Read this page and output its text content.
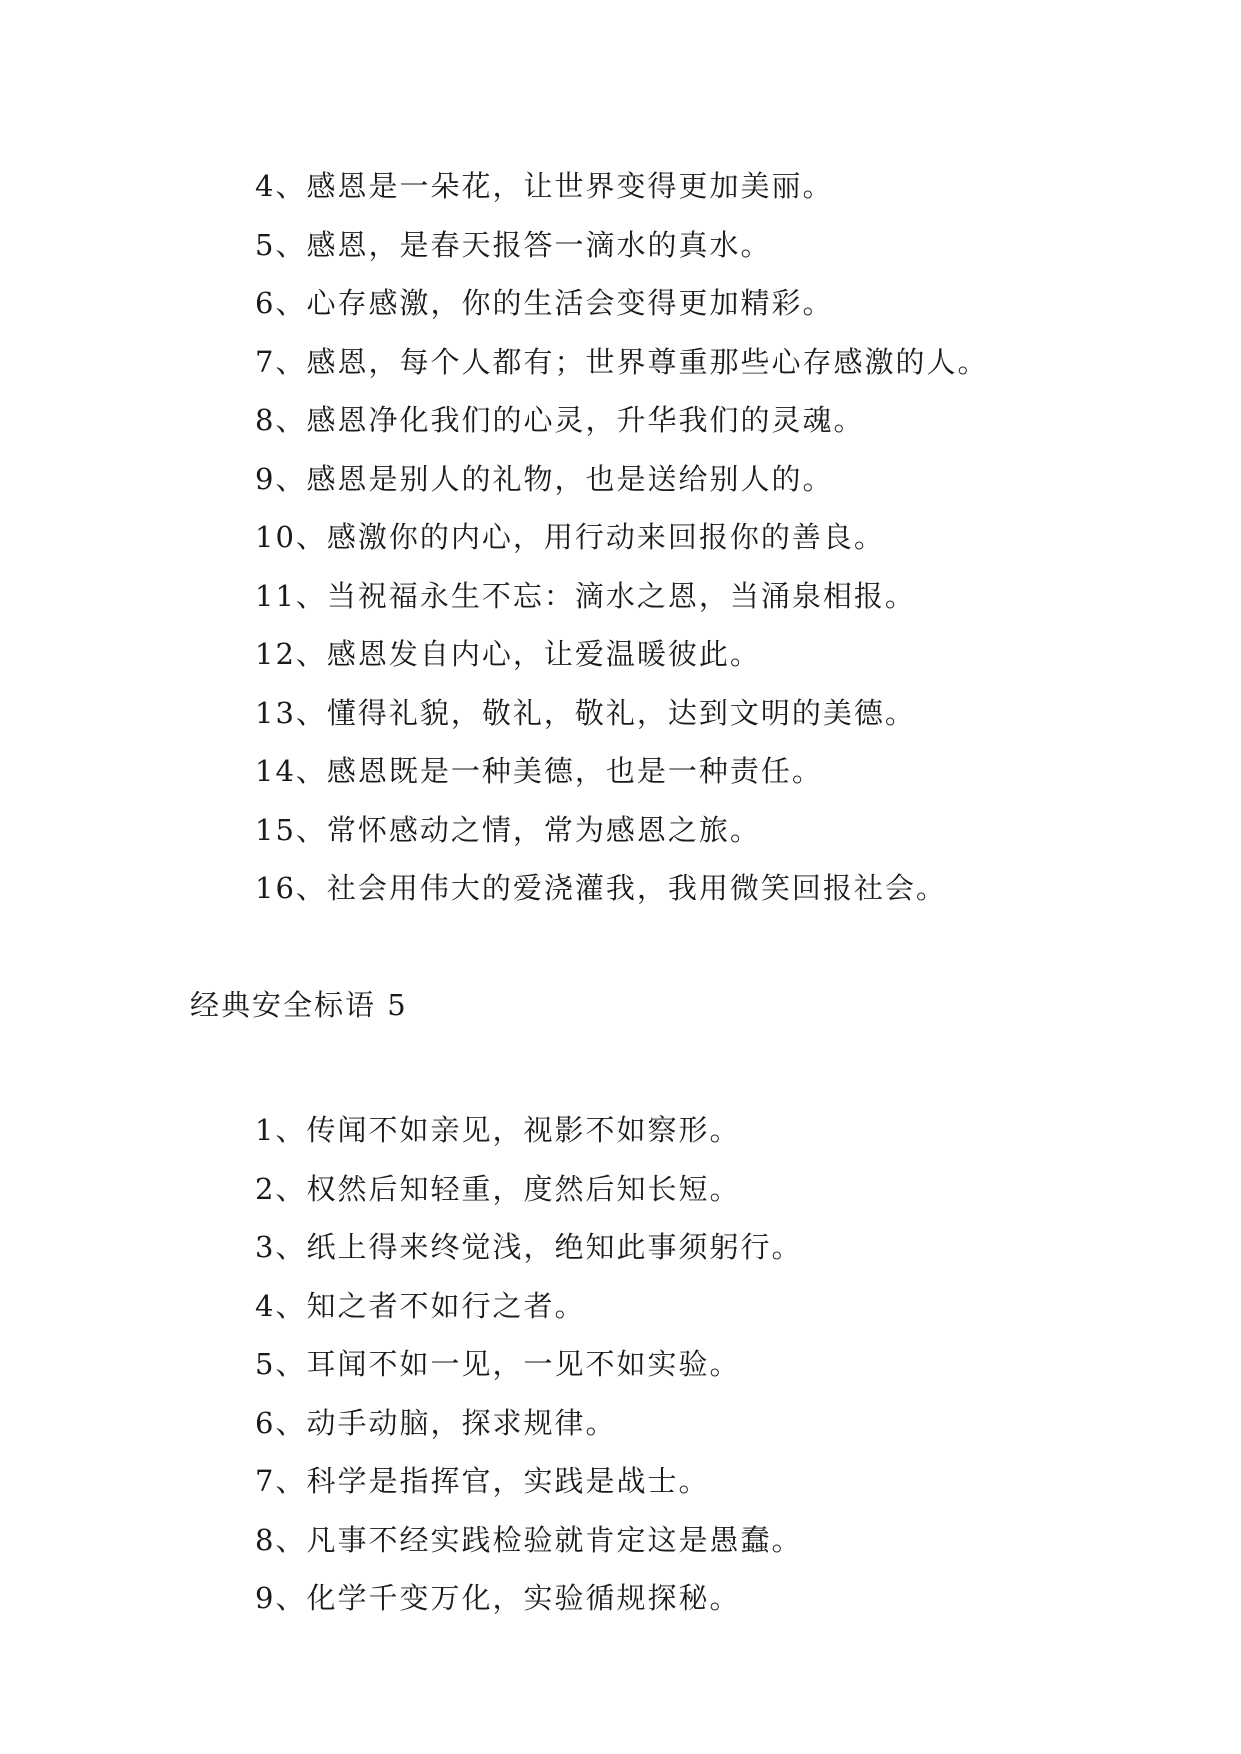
4、感恩是一朵花，让世界变得更加美丽。
5、感恩，是春天报答一滴水的真水。
6、心存感激，你的生活会变得更加精彩。
7、感恩，每个人都有；世界尊重那些心存感激的人。
8、感恩净化我们的心灵，升华我们的灵魂。
9、感恩是别人的礼物，也是送给别人的。
10、感激你的内心，用行动来回报你的善良。
11、当祝福永生不忘：滴水之恩，当涌泉相报。
12、感恩发自内心，让爱温暖彼此。
13、懂得礼貌，敬礼，敬礼，达到文明的美德。
14、感恩既是一种美德，也是一种责任。
15、常怀感动之情，常为感恩之旅。
16、社会用伟大的爱浇灌我，我用微笑回报社会。
经典安全标语 5
1、传闻不如亲见，视影不如察形。
2、权然后知轻重，度然后知长短。
3、纸上得来终觉浅，绝知此事须躬行。
4、知之者不如行之者。
5、耳闻不如一见，一见不如实验。
6、动手动脑，探求规律。
7、科学是指挥官，实践是战士。
8、凡事不经实践检验就肯定这是愚蠢。
9、化学千变万化，实验循规探秘。
